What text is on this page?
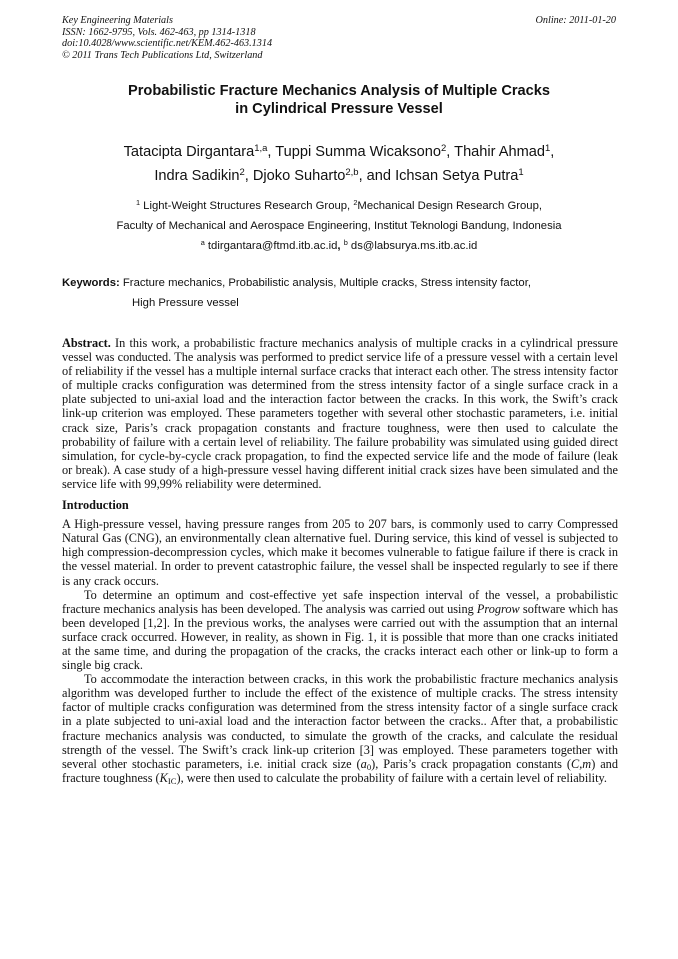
Key Engineering Materials
ISSN: 1662-9795, Vols. 462-463, pp 1314-1318
doi:10.4028/www.scientific.net/KEM.462-463.1314
© 2011 Trans Tech Publications Ltd, Switzerland
Online: 2011-01-20
Probabilistic Fracture Mechanics Analysis of Multiple Cracks
in Cylindrical Pressure Vessel
Tatacipta Dirgantara$^{1,a}$, Tuppi Summa Wicaksono$^2$, Thahir Ahmad$^1$,
Indra Sadikin$^2$, Djoko Suharto$^{2,b}$, and Ichsan Setya Putra$^1$
$^1$ Light-Weight Structures Research Group, $^2$Mechanical Design Research Group,
Faculty of Mechanical and Aerospace Engineering, Institut Teknologi Bandung, Indonesia
$^a$ tdirgantara@ftmd.itb.ac.id, $^b$ ds@labsurya.ms.itb.ac.id
Keywords: Fracture mechanics, Probabilistic analysis, Multiple cracks, Stress intensity factor,
High Pressure vessel

Abstract. In this work, a probabilistic fracture mechanics analysis of multiple cracks in a cylindrical pressure vessel was conducted. The analysis was performed to predict service life of a pressure vessel with a certain level of reliability if the vessel has a multiple internal surface cracks that interact each other. The stress intensity factor of multiple cracks configuration was determined from the stress intensity factor of a single surface crack in a plate subjected to uni-axial load and the interaction factor between the cracks. In this work, the Swift’s crack link-up criterion was employed. These parameters together with several other stochastic parameters, i.e. initial crack size, Paris’s crack propagation constants and fracture toughness, were then used to calculate the probability of failure with a certain level of reliability. The failure probability was simulated using guided direct simulation, for cycle-by-cycle crack propagation, to find the expected service life and the mode of failure (leak or break). A case study of a high-pressure vessel having different initial crack sizes have been simulated and the service life with 99,99% reliability were determined.

Introduction

A High-pressure vessel, having pressure ranges from 205 to 207 bars, is commonly used to carry Compressed Natural Gas (CNG), an environmentally clean alternative fuel. During service, this kind of vessel is subjected to high compression-decompression cycles, which make it becomes vulnerable to fatigue failure if there is crack in the vessel material. In order to prevent catastrophic failure, the vessel shall be inspected regularly to see if there is any crack occurs.

To determine an optimum and cost-effective yet safe inspection interval of the vessel, a probabilistic fracture mechanics analysis has been developed. The analysis was carried out using Progrow software which has been developed [1,2]. In the previous works, the analyses were carried out with the assumption that an internal surface crack occurred. However, in reality, as shown in Fig. 1, it is possible that more than one cracks initiated at the same time, and during the propagation of the cracks, the cracks interact each other or link-up to form a single big crack.

To accommodate the interaction between cracks, in this work the probabilistic fracture mechanics analysis algorithm was developed further to include the effect of the existence of multiple cracks. The stress intensity factor of multiple cracks configuration was determined from the stress intensity factor of a single surface crack in a plate subjected to uni-axial load and the interaction factor between the cracks.. After that, a probabilistic fracture mechanics analysis was conducted, to simulate the growth of the cracks, and calculate the residual strength of the vessel. The Swift’s crack link-up criterion [3] was employed. These parameters together with several other stochastic parameters, i.e. initial crack size $(a_0)$, Paris’s crack propagation constants (C,m) and fracture toughness $(K_{IC})$, were then used to calculate the probability of failure with a certain level of reliability.
